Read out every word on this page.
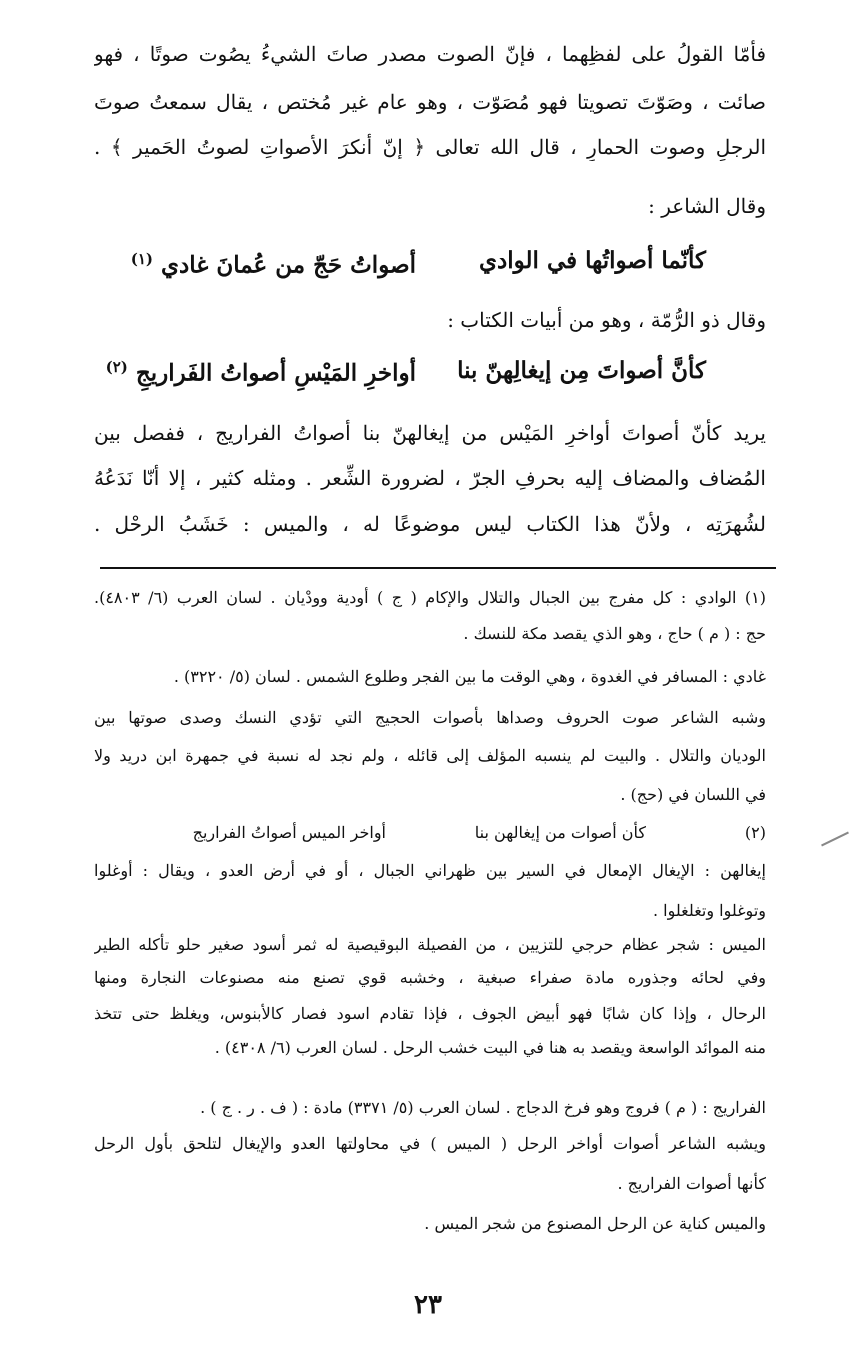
فأمّا القولُ على لفظِهما ، فإنّ الصوت مصدر صاتَ الشيءُ يصُوت صوتًا ، فهو
صائت ، وصَوّتَ تصويتا فهو مُصَوّت ، وهو عام غير مُختص ، يقال سمعتُ صوتَ
الرجلِ وصوت الحمارِ ، قال الله تعالى ﴿ إنّ أنكرَ الأصواتِ لصوتُ الحَمير ﴾ .
وقال الشاعر :
كأنّما أصواتُها في الوادي
أصواتُ حَجّ من عُمانَ غادي $^{(١)}$
وقال ذو الرُّمّة ، وهو من أبيات الكتاب :
كأنَّ أصواتَ مِن إيغالِهنّ بنا
أواخرِ المَيْسِ أصواتُ الفَراريجِ $^{(٢)}$
يريد كأنّ أصواتَ أواخرِ المَيْس من إيغالهنّ بنا أصواتُ الفراريج ، ففصل بين
المُضاف والمضاف إليه بحرفِ الجرّ ، لضرورة الشِّعر . ومثله كثير ، إلا أنّا نَدَعُهُ
لشُهرَتِه ، ولأنّ هذا الكتاب ليس موضوعًا له ، والميس : خَشَبُ الرحْل .
(١) الوادي : كل مفرج بين الجبال والتلال والإكام ( ج ) أودية وودْيان . لسان العرب (٦/ ٤٨٠٣).
حج : ( م ) حاج ، وهو الذي يقصد مكة للنسك .
غادي : المسافر في الغدوة ، وهي الوقت ما بين الفجر وطلوع الشمس . لسان (٥/ ٣٢٢٠) .
وشبه الشاعر صوت الحروف وصداها بأصوات الحجيج التي تؤدي النسك وصدى صوتها بين
الوديان والتلال . والبيت لم ينسبه المؤلف إلى قائله ، ولم نجد له نسبة في جمهرة ابن دريد ولا
في اللسان في (حج) .
(٢)
كأن أصوات من إيغالهن بنا
أواخر الميس أصواتُ الفراريج
إيغالهن : الإيغال الإمعال في السير بين ظهراني الجبال ، أو في أرض العدو ، ويقال : أوغلوا
وتوغلوا وتغلغلوا .
الميس : شجر عظام حرجي للتزيين ، من الفصيلة البوقيصية له ثمر أسود صغير حلو تأكله الطير
وفي لحائه وجذوره مادة صفراء صبغية ، وخشبه قوي تصنع منه مصنوعات النجارة ومنها
الرحال ، وإذا كان شابًا فهو أبيض الجوف ، فإذا تقادم اسود فصار كالأبنوس، ويغلظ حتى تتخذ
منه الموائد الواسعة ويقصد به هنا في البيت خشب الرحل . لسان العرب (٦/ ٤٣٠٨) .
الفراريج : ( م ) فروج وهو فرخ الدجاج . لسان العرب (٥/ ٣٣٧١) مادة : ( ف . ر . ج ) .
ويشبه الشاعر أصوات أواخر الرحل ( الميس ) في محاولتها العدو والإيغال لتلحق بأول الرحل
كأنها أصوات الفراريج .
والميس كناية عن الرحل المصنوع من شجر الميس .
٢٣
